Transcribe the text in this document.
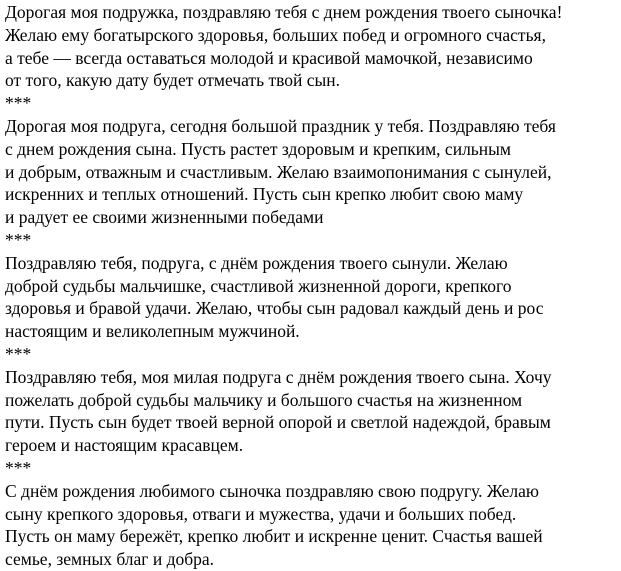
Дорогая моя подружка, поздравляю тебя с днем рождения твоего сыночка!
Желаю ему богатырского здоровья, больших побед и огромного счастья,
а тебе — всегда оставаться молодой и красивой мамочкой, независимо
от того, какую дату будет отмечать твой сын.
***
Дорогая моя подруга, сегодня большой праздник у тебя. Поздравляю тебя
с днем рождения сына. Пусть растет здоровым и крепким, сильным
и добрым, отважным и счастливым. Желаю взаимопонимания с сынулей,
искренних и теплых отношений. Пусть сын крепко любит свою маму
и радует ее своими жизненными победами
***
Поздравляю тебя, подруга, с днём рождения твоего сынули. Желаю
доброй судьбы мальчишке, счастливой жизненной дороги, крепкого
здоровья и бравой удачи. Желаю, чтобы сын радовал каждый день и рос
настоящим и великолепным мужчиной.
***
Поздравляю тебя, моя милая подруга с днём рождения твоего сына. Хочу
пожелать доброй судьбы мальчику и большого счастья на жизненном
пути. Пусть сын будет твоей верной опорой и светлой надеждой, бравым
героем и настоящим красавцем.
***
С днём рождения любимого сыночка поздравляю свою подругу. Желаю
сыну крепкого здоровья, отваги и мужества, удачи и больших побед.
Пусть он маму бережёт, крепко любит и искренне ценит. Счастья вашей
семье, земных благ и добра.
